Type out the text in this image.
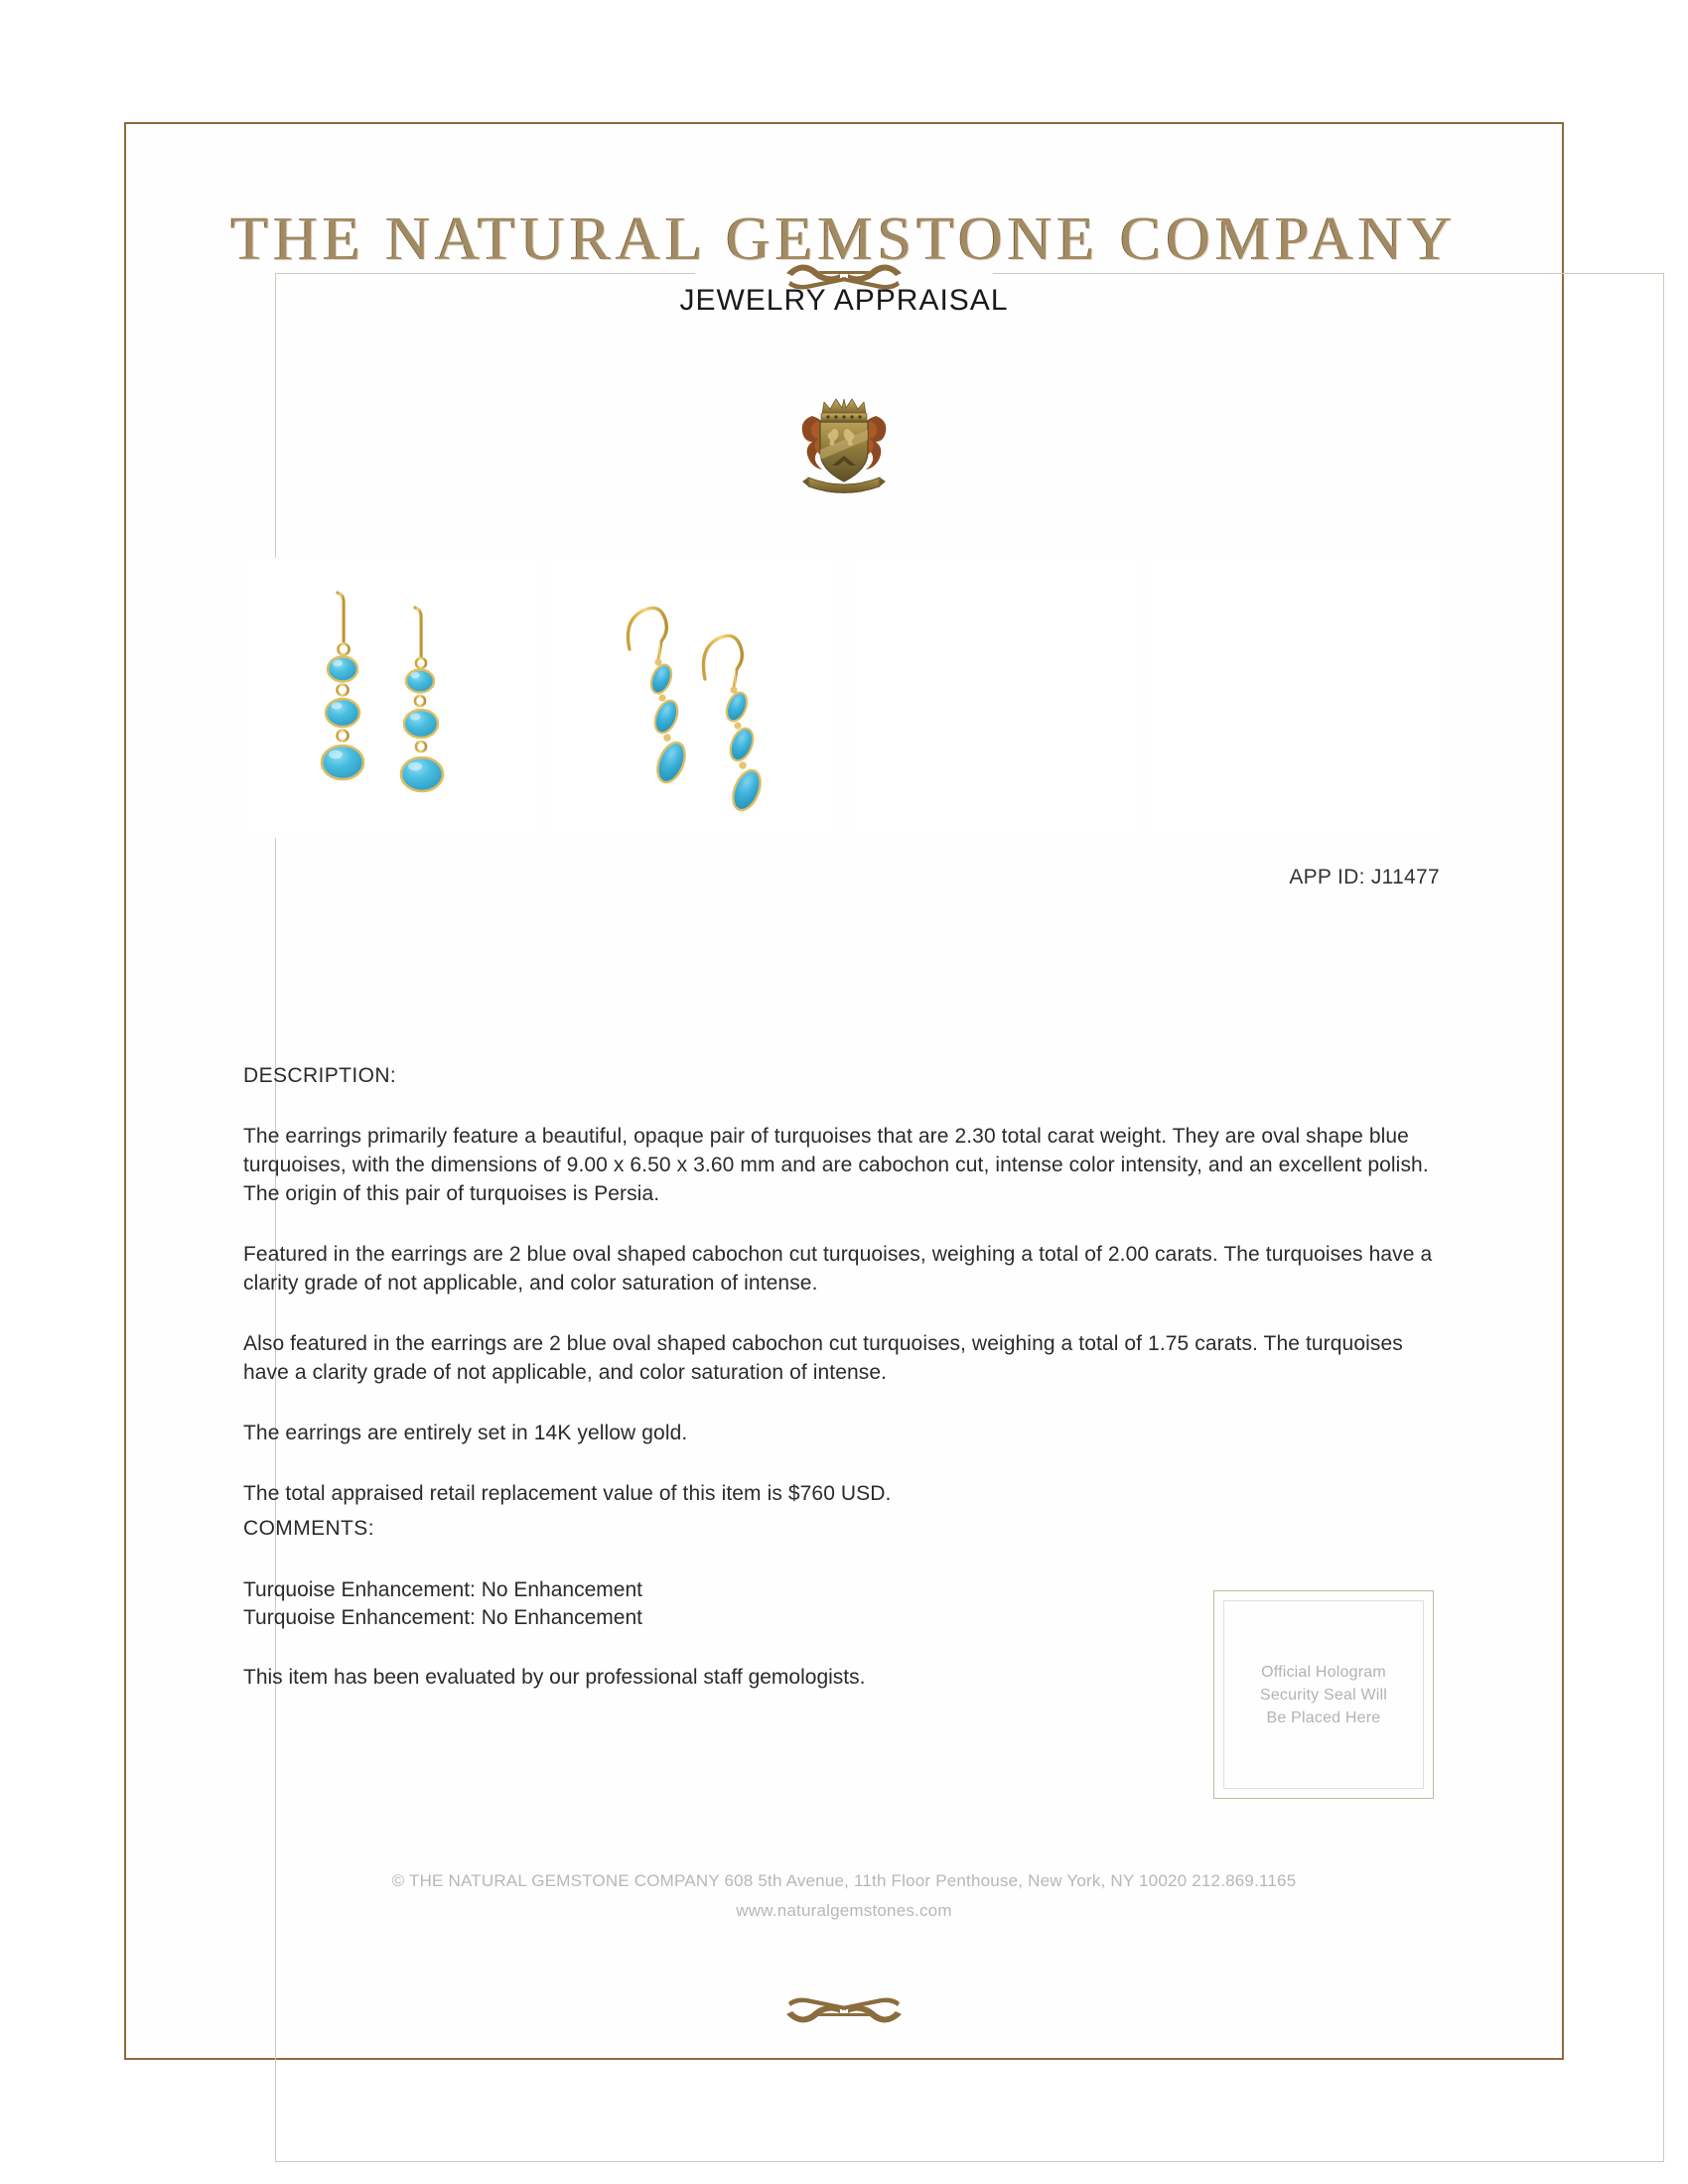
THE NATURAL GEMSTONE COMPANY
JEWELRY APPRAISAL
APP ID: J11477
DESCRIPTION:
The earrings primarily feature a beautiful, opaque pair of turquoises that are 2.30 total carat weight. They are oval shape blue turquoises, with the dimensions of 9.00 x 6.50 x 3.60 mm and are cabochon cut, intense color intensity, and an excellent polish. The origin of this pair of turquoises is Persia.
Featured in the earrings are 2 blue oval shaped cabochon cut turquoises, weighing a total of 2.00 carats. The turquoises have a clarity grade of not applicable, and color saturation of intense.
Also featured in the earrings are 2 blue oval shaped cabochon cut turquoises, weighing a total of 1.75 carats. The turquoises have a clarity grade of not applicable, and color saturation of intense.
The earrings are entirely set in 14K yellow gold.
The total appraised retail replacement value of this item is $760 USD.
COMMENTS:
Turquoise Enhancement: No Enhancement
Turquoise Enhancement: No Enhancement
This item has been evaluated by our professional staff gemologists.	Official Hologram
Security Seal Will
Be Placed Here
© THE NATURAL GEMSTONE COMPANY 608 5th Avenue, 11th Floor Penthouse, New York, NY 10020 212.869.1165
www.naturalgemstones.com
